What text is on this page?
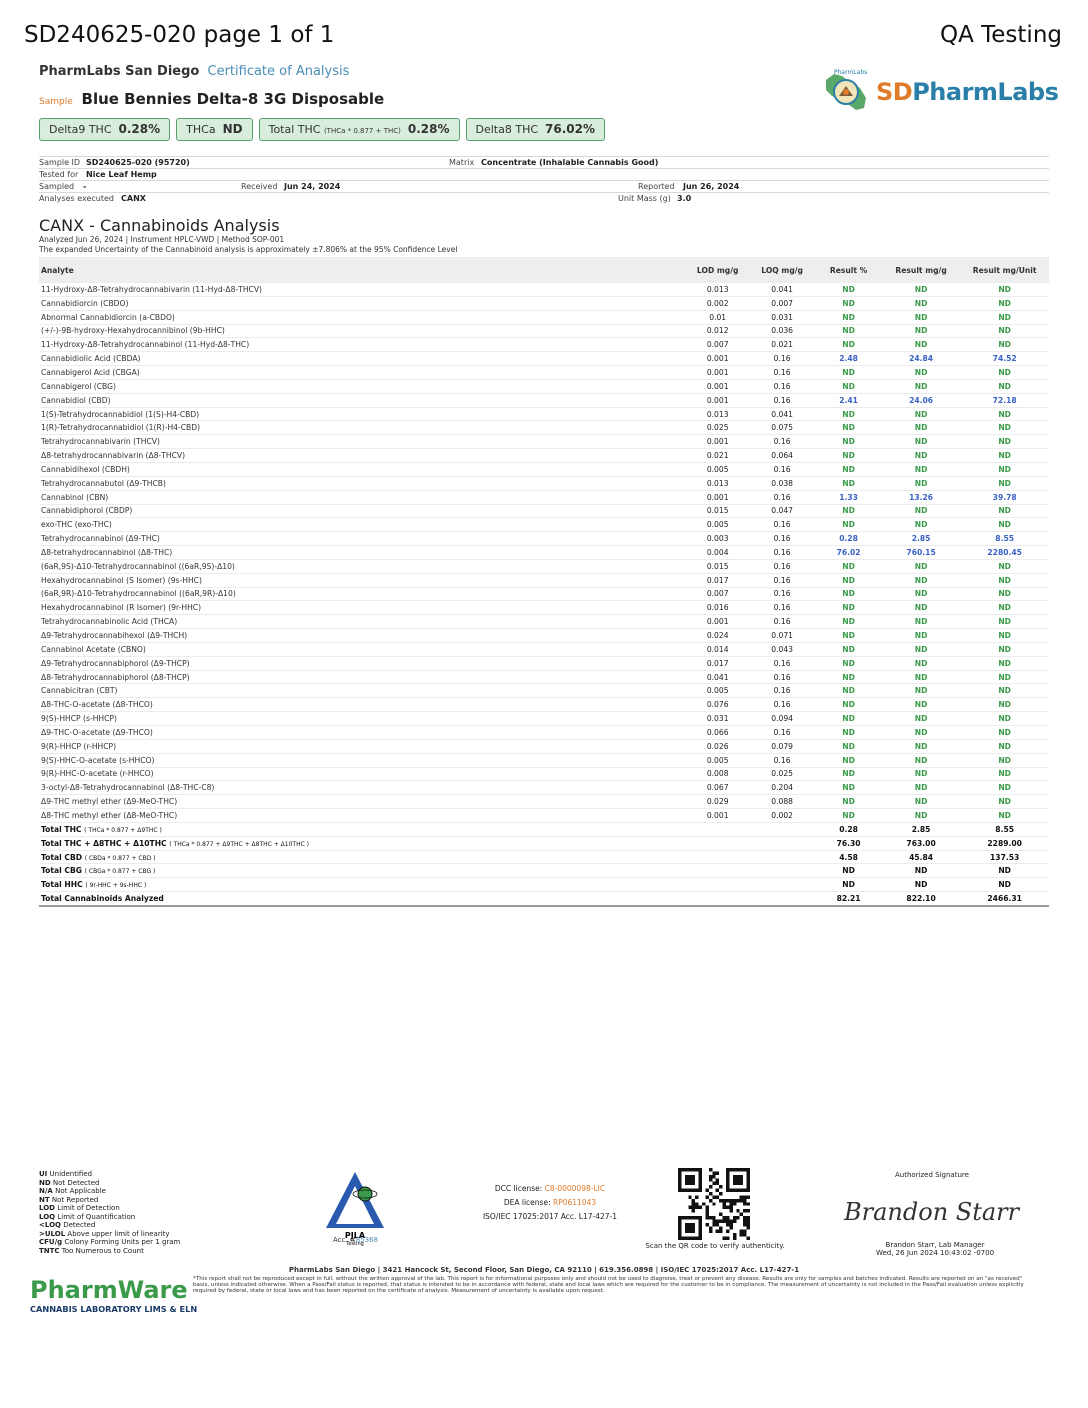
SD240625-020 page 1 of 1	QA Testing
PharmLabs San Diego Certificate of Analysis
Sample Blue Bennies Delta-8 3G Disposable
Delta9 THC 0.28%	THCa ND	Total THC (THCa * 0.877 + THC) 0.28%	Delta8 THC 76.02%
PharmLabs
SDPharmLabs
Sample ID SD240625-020 (95720)	Matrix Concentrate (Inhalable Cannabis Good)
Tested for Nice Leaf Hemp
Sampled -	Received Jun 24, 2024	Reported Jun 26, 2024
Analyses executed CANX	Unit Mass (g) 3.0
CANX - Cannabinoids Analysis
Analyzed Jun 26, 2024 | Instrument HPLC-VWD | Method SOP-001
The expanded Uncertainty of the Cannabinoid analysis is approximately ±7.806% at the 95% Confidence Level
Analyte	LOD mg/g	LOQ mg/g	Result %	Result mg/g	Result mg/Unit
11-Hydroxy-Δ8-Tetrahydrocannabivarin (11-Hyd-Δ8-THCV)	0.013	0.041	ND	ND	ND
Cannabidiorcin (CBDO)	0.002	0.007	ND	ND	ND
Abnormal Cannabidiorcin (a-CBDO)	0.01	0.031	ND	ND	ND
(+/-)-9B-hydroxy-Hexahydrocannibinol (9b-HHC)	0.012	0.036	ND	ND	ND
11-Hydroxy-Δ8-Tetrahydrocannabinol (11-Hyd-Δ8-THC)	0.007	0.021	ND	ND	ND
Cannabidiolic Acid (CBDA)	0.001	0.16	2.48	24.84	74.52
Cannabigerol Acid (CBGA)	0.001	0.16	ND	ND	ND
Cannabigerol (CBG)	0.001	0.16	ND	ND	ND
Cannabidiol (CBD)	0.001	0.16	2.41	24.06	72.18
1(S)-Tetrahydrocannabidiol (1(S)-H4-CBD)	0.013	0.041	ND	ND	ND
1(R)-Tetrahydrocannabidiol (1(R)-H4-CBD)	0.025	0.075	ND	ND	ND
Tetrahydrocannabivarin (THCV)	0.001	0.16	ND	ND	ND
Δ8-tetrahydrocannabivarin (Δ8-THCV)	0.021	0.064	ND	ND	ND
Cannabidihexol (CBDH)	0.005	0.16	ND	ND	ND
Tetrahydrocannabutol (Δ9-THCB)	0.013	0.038	ND	ND	ND
Cannabinol (CBN)	0.001	0.16	1.33	13.26	39.78
Cannabidiphorol (CBDP)	0.015	0.047	ND	ND	ND
exo-THC (exo-THC)	0.005	0.16	ND	ND	ND
Tetrahydrocannabinol (Δ9-THC)	0.003	0.16	0.28	2.85	8.55
Δ8-tetrahydrocannabinol (Δ8-THC)	0.004	0.16	76.02	760.15	2280.45
(6aR,9S)-Δ10-Tetrahydrocannabinol ((6aR,9S)-Δ10)	0.015	0.16	ND	ND	ND
Hexahydrocannabinol (S Isomer) (9s-HHC)	0.017	0.16	ND	ND	ND
(6aR,9R)-Δ10-Tetrahydrocannabinol ((6aR,9R)-Δ10)	0.007	0.16	ND	ND	ND
Hexahydrocannabinol (R Isomer) (9r-HHC)	0.016	0.16	ND	ND	ND
Tetrahydrocannabinolic Acid (THCA)	0.001	0.16	ND	ND	ND
Δ9-Tetrahydrocannabihexol (Δ9-THCH)	0.024	0.071	ND	ND	ND
Cannabinol Acetate (CBNO)	0.014	0.043	ND	ND	ND
Δ9-Tetrahydrocannabiphorol (Δ9-THCP)	0.017	0.16	ND	ND	ND
Δ8-Tetrahydrocannabiphorol (Δ8-THCP)	0.041	0.16	ND	ND	ND
Cannabicitran (CBT)	0.005	0.16	ND	ND	ND
Δ8-THC-O-acetate (Δ8-THCO)	0.076	0.16	ND	ND	ND
9(S)-HHCP (s-HHCP)	0.031	0.094	ND	ND	ND
Δ9-THC-O-acetate (Δ9-THCO)	0.066	0.16	ND	ND	ND
9(R)-HHCP (r-HHCP)	0.026	0.079	ND	ND	ND
9(S)-HHC-O-acetate (s-HHCO)	0.005	0.16	ND	ND	ND
9(R)-HHC-O-acetate (r-HHCO)	0.008	0.025	ND	ND	ND
3-octyl-Δ8-Tetrahydrocannabinol (Δ8-THC-C8)	0.067	0.204	ND	ND	ND
Δ9-THC methyl ether (Δ9-MeO-THC)	0.029	0.088	ND	ND	ND
Δ8-THC methyl ether (Δ8-MeO-THC)	0.001	0.002	ND	ND	ND
Total THC ( THCa * 0.877 + Δ9THC )			0.28	2.85	8.55
Total THC + Δ8THC + Δ10THC ( THCa * 0.877 + Δ9THC + Δ8THC + Δ10THC )			76.30	763.00	2289.00
Total CBD ( CBDa * 0.877 + CBD )			4.58	45.84	137.53
Total CBG ( CBGa * 0.877 + CBG )			ND	ND	ND
Total HHC ( 9r-HHC + 9s-HHC )			ND	ND	ND
Total Cannabinoids Analyzed			82.21	822.10	2466.31
UI Unidentified
ND Not Detected
N/A Not Applicable
NT Not Reported
LOD Limit of Detection
LOQ Limit of Quantification
<LOQ Detected
>ULOL Above upper limit of linearity
CFU/g Colony Forming Units per 1 gram
TNTC Too Numerous to Count
PJLA
Testing
Acc. #85368
DCC license: C8-0000098-LIC
DEA license: RP0611043
ISO/IEC 17025:2017 Acc. L17-427-1
Scan the QR code to verify authenticity.
Authorized Signature
Brandon Starr
Brandon Starr, Lab Manager
Wed, 26 Jun 2024 10:43:02 -0700
PharmLabs San Diego | 3421 Hancock St, Second Floor, San Diego, CA 92110 | 619.356.0898 | ISO/IEC 17025:2017 Acc. L17-427-1
*This report shall not be reproduced except in full, without the written approval of the lab. This report is for informational purposes only and should not be used to diagnose, treat or prevent any disease. Results are only for samples and batches indicated. Results are reported on an "as received" basis, unless indicated otherwise. When a Pass/Fail status is reported, that status is intended to be in accordance with federal, state and local laws which are required for the customer to be in compliance. The measurement of uncertainty is not included in the Pass/Fail evaluation unless explicitly required by federal, state or local laws and has been reported on the certificate of analysis. Measurement of uncertainty is available upon request.
PharmWare
CANNABIS LABORATORY LIMS & ELN
